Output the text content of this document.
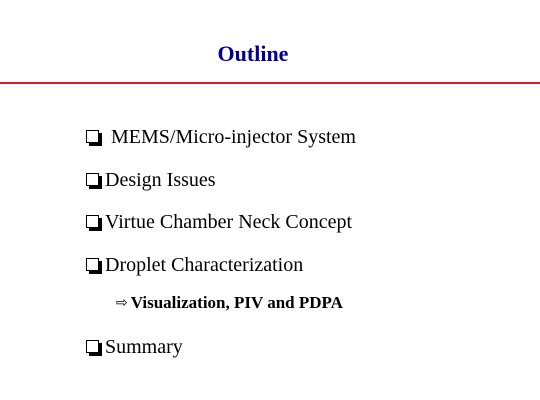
Outline
MEMS/Micro-injector System
Design Issues
Virtue Chamber Neck Concept
Droplet Characterization
⇨ Visualization, PIV and PDPA
Summary
